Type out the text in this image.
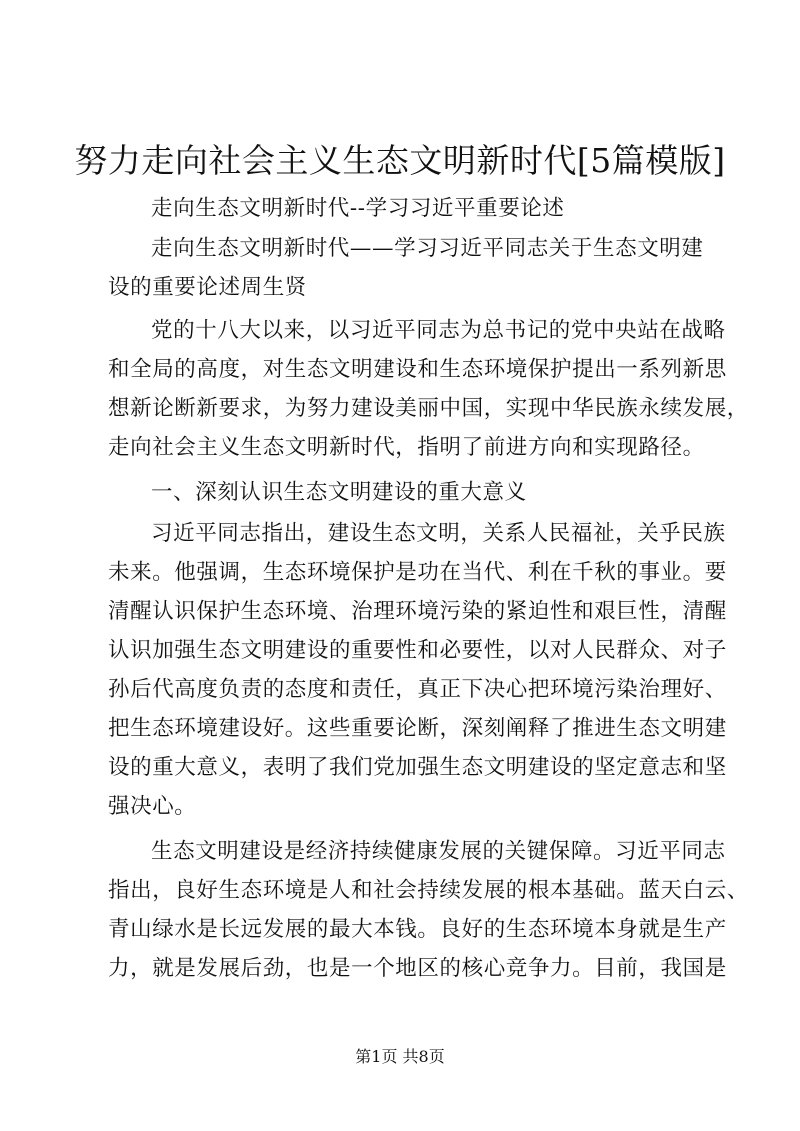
努力走向社会主义生态文明新时代[5篇模版]
走向生态文明新时代--学习习近平重要论述
走向生态文明新时代——学习习近平同志关于生态文明建
设的重要论述周生贤
党的十八大以来，以习近平同志为总书记的党中央站在战略
和全局的高度，对生态文明建设和生态环境保护提出一系列新思
想新论断新要求，为努力建设美丽中国，实现中华民族永续发展，
走向社会主义生态文明新时代，指明了前进方向和实现路径。
一、深刻认识生态文明建设的重大意义
习近平同志指出，建设生态文明，关系人民福祉，关乎民族
未来。他强调，生态环境保护是功在当代、利在千秋的事业。要
清醒认识保护生态环境、治理环境污染的紧迫性和艰巨性，清醒
认识加强生态文明建设的重要性和必要性，以对人民群众、对子
孙后代高度负责的态度和责任，真正下决心把环境污染治理好、
把生态环境建设好。这些重要论断，深刻阐释了推进生态文明建
设的重大意义，表明了我们党加强生态文明建设的坚定意志和坚
强决心。
生态文明建设是经济持续健康发展的关键保障。习近平同志
指出，良好生态环境是人和社会持续发展的根本基础。蓝天白云、
青山绿水是长远发展的最大本钱。良好的生态环境本身就是生产
力，就是发展后劲，也是一个地区的核心竞争力。目前，我国是
第1页 共8页
